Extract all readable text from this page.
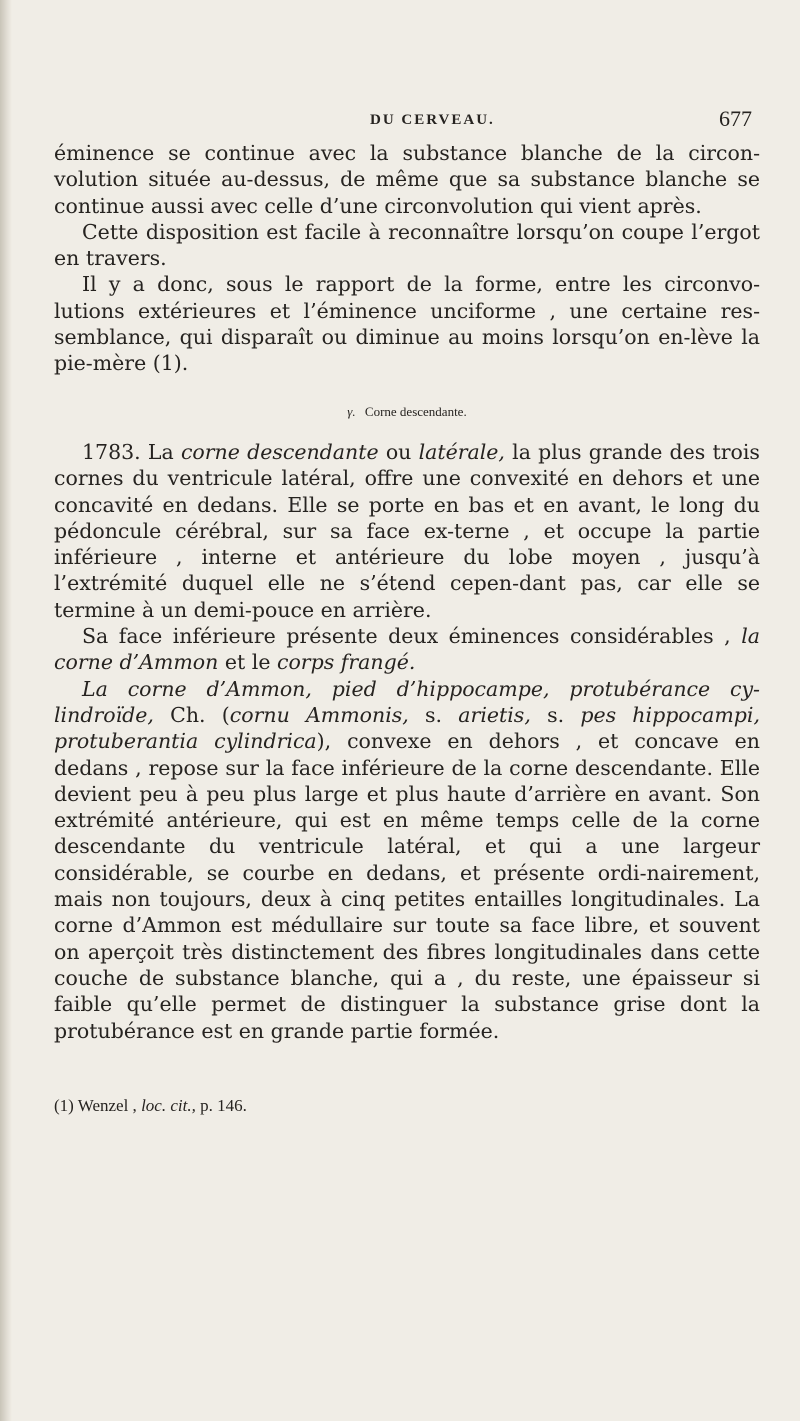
DU CERVEAU.	677

éminence se continue avec la substance blanche de la circon-volution située au-dessus, de même que sa substance blanche se continue aussi avec celle d’une circonvolution qui vient après.

Cette disposition est facile à reconnaître lorsqu’on coupe l’ergot en travers.

Il y a donc, sous le rapport de la forme, entre les circonvo-lutions extérieures et l’éminence unciforme , une certaine res-semblance, qui disparaît ou diminue au moins lorsqu’on en-lève la pie-mère (1).

γ. Corne descendante.

1783. La corne descendante ou latérale, la plus grande des trois cornes du ventricule latéral, offre une convexité en dehors et une concavité en dedans. Elle se porte en bas et en avant, le long du pédoncule cérébral, sur sa face ex-terne , et occupe la partie inférieure , interne et antérieure du lobe moyen , jusqu’à l’extrémité duquel elle ne s’étend cepen-dant pas, car elle se termine à un demi-pouce en arrière.

Sa face inférieure présente deux éminences considérables , la corne d’Ammon et le corps frangé.

La corne d’Ammon, pied d’hippocampe, protubérance cy-lindroïde, Ch. (cornu Ammonis, s. arietis, s. pes hippocampi, protuberantia cylindrica), convexe en dehors , et concave en dedans , repose sur la face inférieure de la corne descendante. Elle devient peu à peu plus large et plus haute d’arrière en avant. Son extrémité antérieure, qui est en même temps celle de la corne descendante du ventricule latéral, et qui a une largeur considérable, se courbe en dedans, et présente ordi-nairement, mais non toujours, deux à cinq petites entailles longitudinales. La corne d’Ammon est médullaire sur toute sa face libre, et souvent on aperçoit très distinctement des fibres longitudinales dans cette couche de substance blanche, qui a , du reste, une épaisseur si faible qu’elle permet de distinguer la substance grise dont la protubérance est en grande partie formée.

(1) Wenzel , loc. cit., p. 146.
